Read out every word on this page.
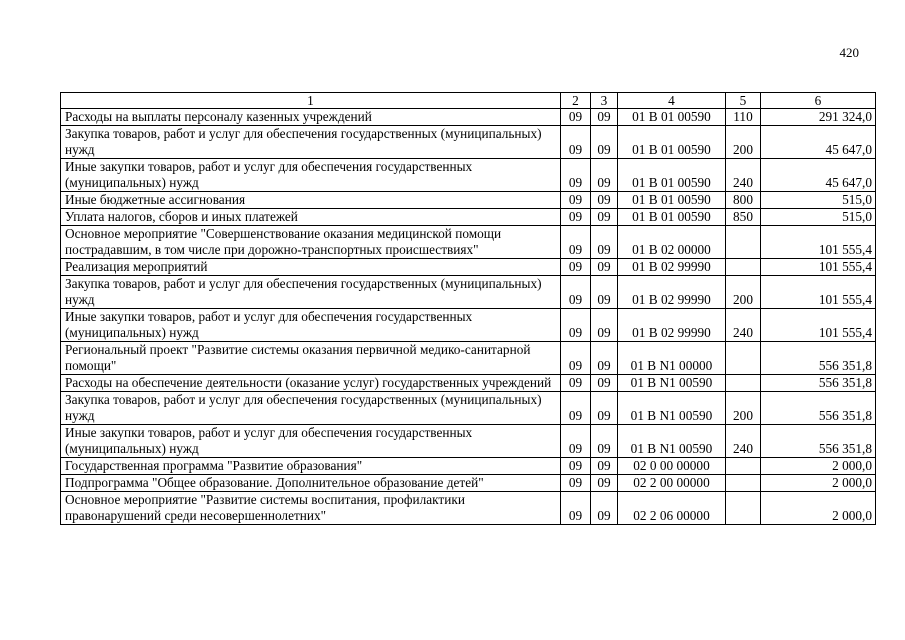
420
1	2	3	4	5	6
Расходы на выплаты персоналу казенных учреждений	09	09	01 В 01 00590	110	291 324,0
Закупка товаров, работ и услуг для обеспечения государственных (муниципальных) нужд	09	09	01 В 01 00590	200	45 647,0
Иные закупки товаров, работ и услуг для обеспечения государственных (муниципальных) нужд	09	09	01 В 01 00590	240	45 647,0
Иные бюджетные ассигнования	09	09	01 В 01 00590	800	515,0
Уплата налогов, сборов и иных платежей	09	09	01 В 01 00590	850	515,0
Основное мероприятие "Совершенствование оказания медицинской помощи пострадавшим, в том числе при дорожно-транспортных происшествиях"	09	09	01 В 02 00000		101 555,4
Реализация мероприятий	09	09	01 В 02 99990		101 555,4
Закупка товаров, работ и услуг для обеспечения государственных (муниципальных) нужд	09	09	01 В 02 99990	200	101 555,4
Иные закупки товаров, работ и услуг для обеспечения государственных (муниципальных) нужд	09	09	01 В 02 99990	240	101 555,4
Региональный проект "Развитие системы оказания первичной медико-санитарной помощи"	09	09	01 В N1 00000		556 351,8
Расходы на обеспечение деятельности (оказание услуг) государственных учреждений	09	09	01 В N1 00590		556 351,8
Закупка товаров, работ и услуг для обеспечения государственных (муниципальных) нужд	09	09	01 В N1 00590	200	556 351,8
Иные закупки товаров, работ и услуг для обеспечения государственных (муниципальных) нужд	09	09	01 В N1 00590	240	556 351,8
Государственная программа "Развитие образования"	09	09	02 0 00 00000		2 000,0
Подпрограмма "Общее образование. Дополнительное образование детей"	09	09	02 2 00 00000		2 000,0
Основное мероприятие "Развитие системы воспитания, профилактики правонарушений среди несовершеннолетних"	09	09	02 2 06 00000		2 000,0
